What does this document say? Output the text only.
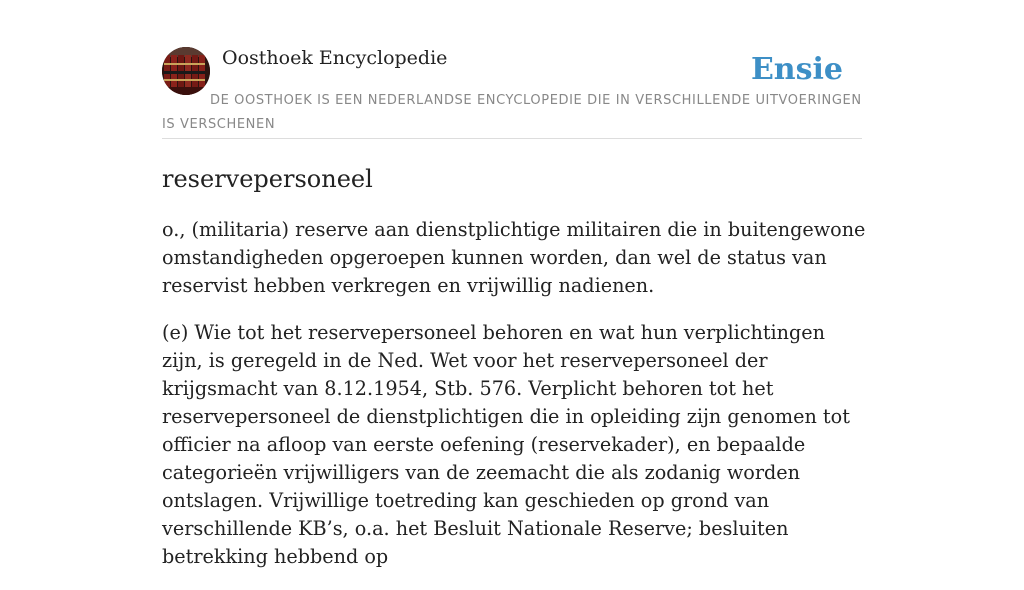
Oosthoek Encyclopedie	Ensie
DE OOSTHOEK IS EEN NEDERLANDSE ENCYCLOPEDIE DIE IN VERSCHILLENDE UITVOERINGEN IS VERSCHENEN
reservepersoneel

o., (militaria) reserve aan dienstplichtige militairen die in buitengewone omstandigheden opgeroepen kunnen worden, dan wel de status van reservist hebben verkregen en vrijwillig nadienen.

(e) Wie tot het reservepersoneel behoren en wat hun verplichtingen zijn, is geregeld in de Ned. Wet voor het reservepersoneel der krijgsmacht van 8.12.1954, Stb. 576. Verplicht behoren tot het reservepersoneel de dienstplichtigen die in opleiding zijn genomen tot officier na afloop van eerste oefening (reservekader), en bepaalde categorieën vrijwilligers van de zeemacht die als zodanig worden ontslagen. Vrijwillige toetreding kan geschieden op grond van verschillende KB’s, o.a. het Besluit Nationale Reserve; besluiten betrekking hebbend op
